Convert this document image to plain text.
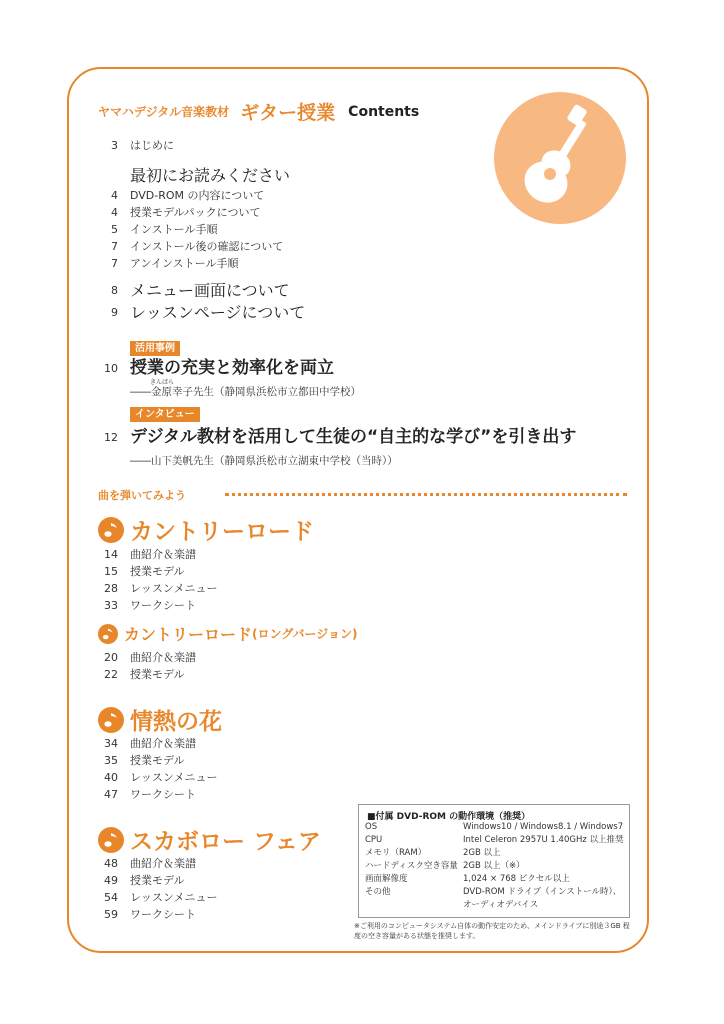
ヤマハデジタル音楽教材 ギター授業 Contents
3 はじめに
最初にお読みください
4 DVD-ROM の内容について
4 授業モデルパックについて
5 インストール手順
7 インストール後の確認について
7 アンインストール手順
8 メニュー画面について
9 レッスンページについて
活用事例
10 授業の充実と効率化を両立
きんばら
――金原幸子先生（静岡県浜松市立都田中学校）
インタビュー
12 デジタル教材を活用して生徒の“自主的な学び”を引き出す
――山下美帆先生（静岡県浜松市立湖東中学校（当時））
曲を弾いてみよう
カントリーロード
14 曲紹介＆楽譜
15 授業モデル
28 レッスンメニュー
33 ワークシート
カントリーロード(ロングバージョン)
20 曲紹介＆楽譜
22 授業モデル
情熱の花
34 曲紹介＆楽譜
35 授業モデル
40 レッスンメニュー
47 ワークシート
スカボロー フェア
48 曲紹介＆楽譜
49 授業モデル
54 レッスンメニュー
59 ワークシート
■付属 DVD-ROM の動作環境（推奨）
OS	Windows10 / Windows8.1 / Windows7
CPU	Intel Celeron 2957U 1.40GHz 以上推奨
メモリ（RAM）	2GB 以上
ハードディスク空き容量 2GB 以上（※）
画面解像度	1,024 × 768 ピクセル以上
その他	DVD-ROM ドライブ（インストール時）、
オーディオデバイス
※ご利用のコンピュータシステム自体の動作安定のため、メインドライブに別途３GB 程
度の空き容量がある状態を推奨します。
